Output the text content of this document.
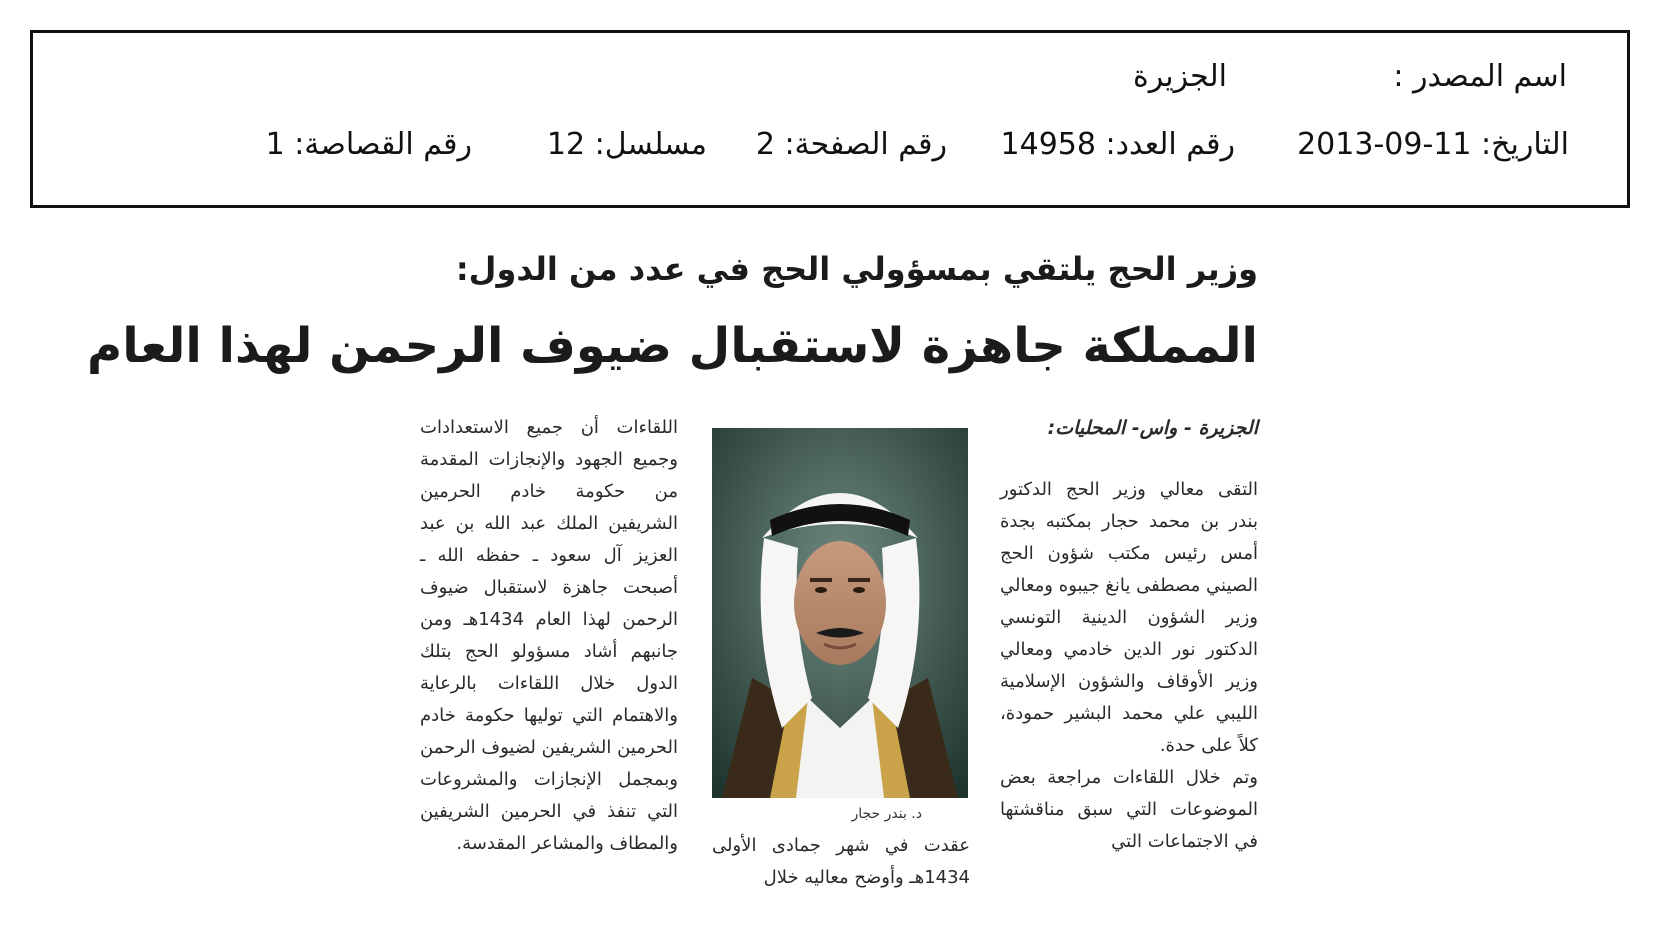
اسم المصدر :
الجزيرة
التاريخ: 11-09-2013
رقم العدد: 14958
رقم الصفحة: 2
مسلسل: 12
رقم القصاصة: 1
وزير الحج يلتقي بمسؤولي الحج في عدد من الدول:
المملكة جاهزة لاستقبال ضيوف الرحمن لهذا العام
الجزيرة - واس- المحليات:
التقى معالي وزير الحج الدكتور بندر بن محمد حجار بمكتبه بجدة أمس رئيس مكتب شؤون الحج الصيني مصطفى يانغ جيبوه ومعالي وزير الشؤون الدينية التونسي الدكتور نور الدين خادمي ومعالي وزير الأوقاف والشؤون الإسلامية الليبي علي محمد البشير حمودة، كلاً على حدة.
وتم خلال اللقاءات مراجعة بعض الموضوعات التي سبق مناقشتها في الاجتماعات التي
د. بندر حجار
عقدت في شهر جمادى الأولى 1434هـ وأوضح معاليه خلال
اللقاءات أن جميع الاستعدادات وجميع الجهود والإنجازات المقدمة من حكومة خادم الحرمين الشريفين الملك عبد الله بن عبد العزيز آل سعود ـ حفظه الله ـ أصبحت جاهزة لاستقبال ضيوف الرحمن لهذا العام 1434هـ ومن جانبهم أشاد مسؤولو الحج بتلك الدول خلال اللقاءات بالرعاية والاهتمام التي توليها حكومة خادم الحرمين الشريفين لضيوف الرحمن وبمجمل الإنجازات والمشروعات التي تنفذ في الحرمين الشريفين والمطاف والمشاعر المقدسة.
